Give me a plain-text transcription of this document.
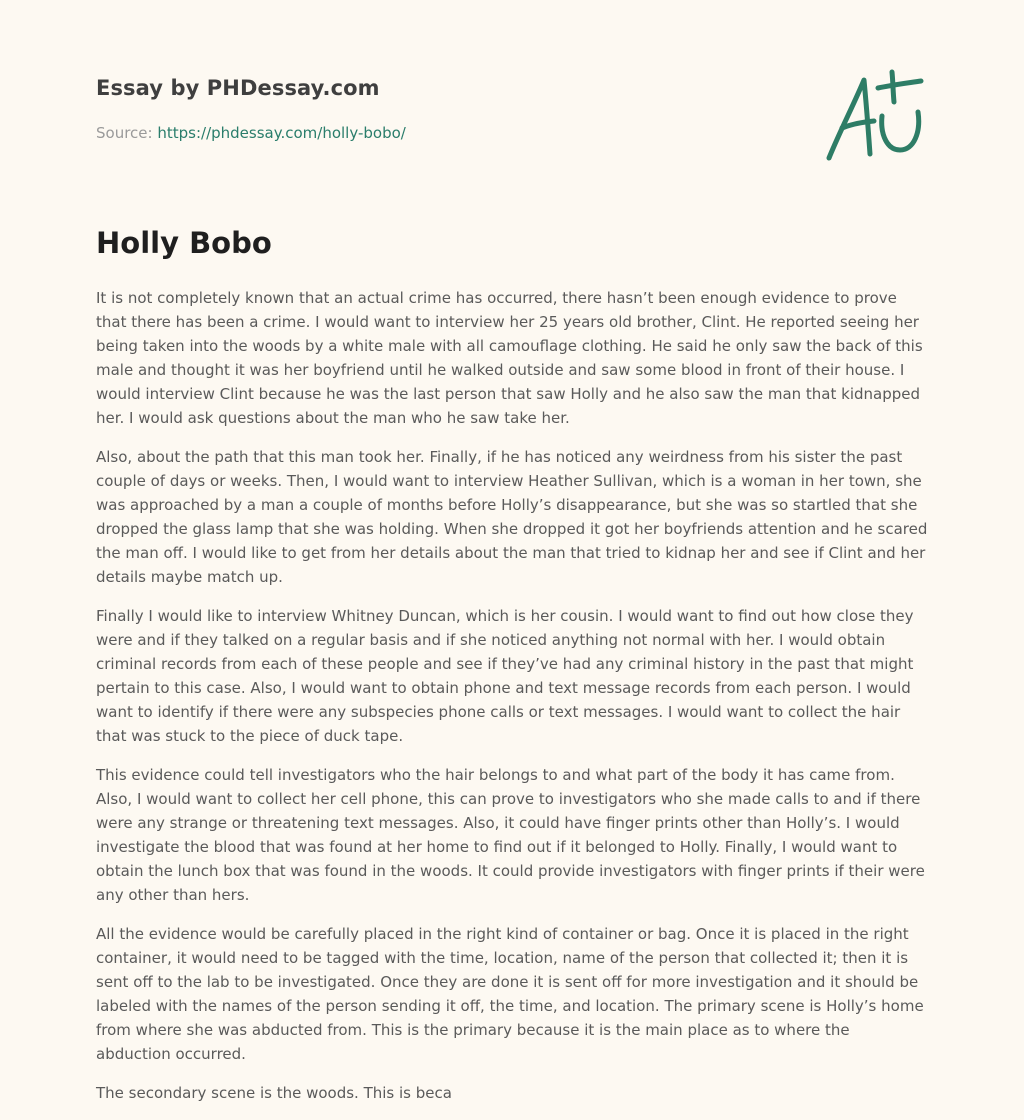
Essay by PHDessay.com
Source: https://phdessay.com/holly-bobo/
Holly Bobo

It is not completely known that an actual crime has occurred, there hasn’t been enough evidence to prove that there has been a crime. I would want to interview her 25 years old brother, Clint. He reported seeing her being taken into the woods by a white male with all camouflage clothing. He said he only saw the back of this male and thought it was her boyfriend until he walked outside and saw some blood in front of their house. I would interview Clint because he was the last person that saw Holly and he also saw the man that kidnapped her. I would ask questions about the man who he saw take her.

Also, about the path that this man took her. Finally, if he has noticed any weirdness from his sister the past couple of days or weeks. Then, I would want to interview Heather Sullivan, which is a woman in her town, she was approached by a man a couple of months before Holly’s disappearance, but she was so startled that she dropped the glass lamp that she was holding. When she dropped it got her boyfriends attention and he scared the man off. I would like to get from her details about the man that tried to kidnap her and see if Clint and her details maybe match up.

Finally I would like to interview Whitney Duncan, which is her cousin. I would want to find out how close they were and if they talked on a regular basis and if she noticed anything not normal with her. I would obtain criminal records from each of these people and see if they’ve had any criminal history in the past that might pertain to this case. Also, I would want to obtain phone and text message records from each person. I would want to identify if there were any subspecies phone calls or text messages. I would want to collect the hair that was stuck to the piece of duck tape.

This evidence could tell investigators who the hair belongs to and what part of the body it has came from. Also, I would want to collect her cell phone, this can prove to investigators who she made calls to and if there were any strange or threatening text messages. Also, it could have finger prints other than Holly’s. I would investigate the blood that was found at her home to find out if it belonged to Holly. Finally, I would want to obtain the lunch box that was found in the woods. It could provide investigators with finger prints if their were any other than hers.

All the evidence would be carefully placed in the right kind of container or bag. Once it is placed in the right container, it would need to be tagged with the time, location, name of the person that collected it; then it is sent off to the lab to be investigated. Once they are done it is sent off for more investigation and it should be labeled with the names of the person sending it off, the time, and location. The primary scene is Holly’s home from where she was abducted from. This is the primary because it is the main place as to where the abduction occurred.

The secondary scene is the woods. This is beca
